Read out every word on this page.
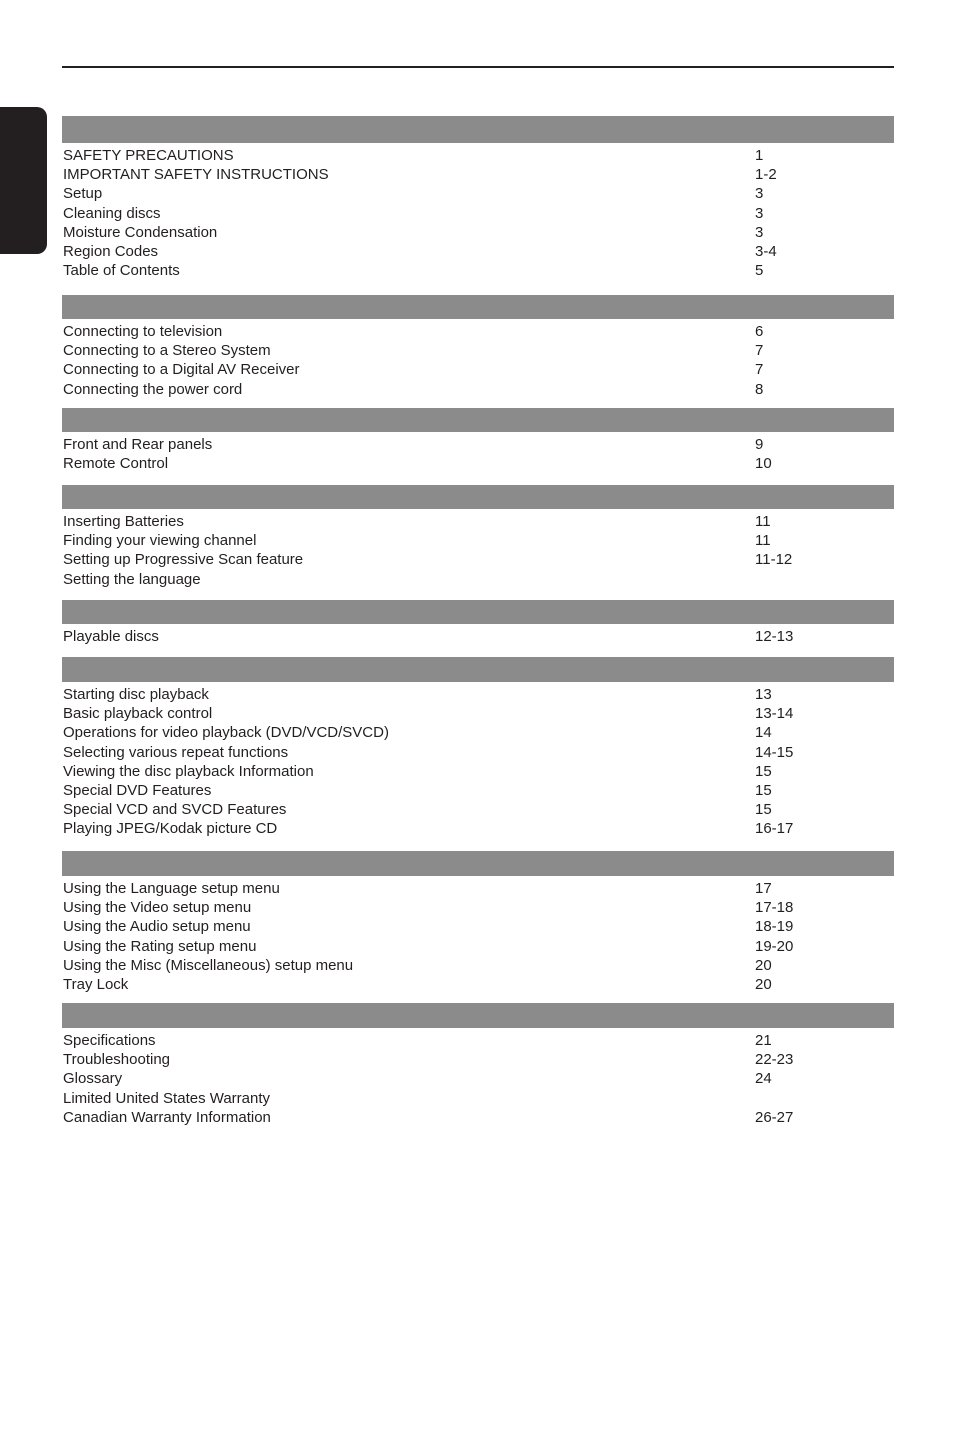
SAFETY PRECAUTIONS	1
IMPORTANT SAFETY INSTRUCTIONS	1-2
Setup	3
Cleaning discs	3
Moisture Condensation	3
Region Codes	3-4
Table of Contents	5
Connecting to television	6
Connecting to a Stereo System	7
Connecting to a Digital AV Receiver	7
Connecting the power cord	8
Front and Rear panels	9
Remote Control	10
Inserting Batteries	11
Finding your viewing channel	11
Setting up Progressive Scan feature	11-12
Setting the language
Playable discs	12-13
Starting disc playback	13
Basic playback control	13-14
Operations for video playback (DVD/VCD/SVCD)	14
Selecting various repeat functions	14-15
Viewing the disc playback Information	15
Special DVD Features	15
Special VCD and SVCD Features	15
Playing JPEG/Kodak picture CD	16-17
Using the Language setup menu	17
Using the Video setup menu	17-18
Using the Audio setup menu	18-19
Using the Rating setup menu	19-20
Using the Misc (Miscellaneous) setup menu	20
Tray Lock	20
Specifications	21
Troubleshooting	22-23
Glossary	24
Limited United States Warranty
Canadian Warranty Information	26-27
